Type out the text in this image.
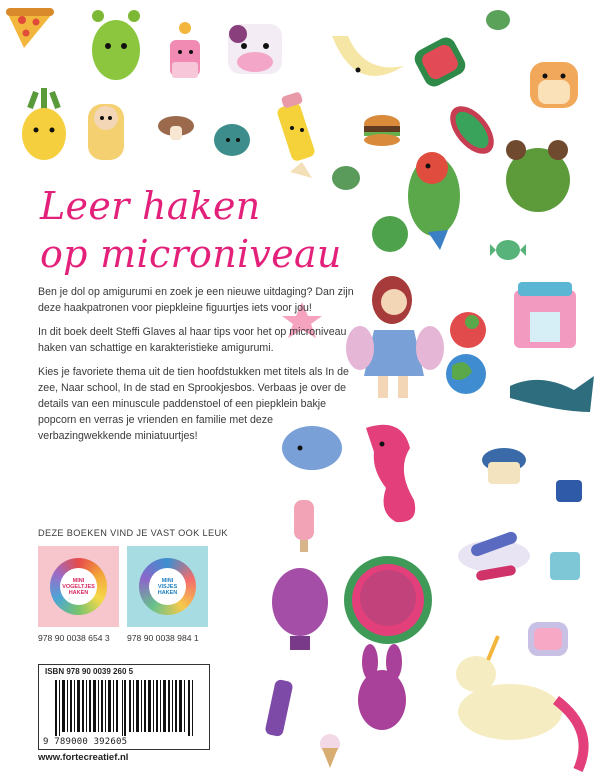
Leer haken
op microniveau

Ben je dol op amigurumi en zoek je een nieuwe uitdaging? Dan zijn deze haakpatronen voor piepkleine figuurtjes iets voor jou!

In dit boek deelt Steffi Glaves al haar tips voor het op microniveau haken van schattige en karakteristieke amigurumi.

Kies je favoriete thema uit de tien hoofdstukken met titels als In de zee, Naar school, In de stad en Sprookjesbos. Verbaas je over de details van een minuscule paddenstoel of een piepklein bakje popcorn en verras je vrienden en familie met deze verbazingwekkende miniatuurtjes!

DEZE BOEKEN VIND JE VAST OOK LEUK
MINI
VOGELTJES
HAKEN
MINI
VISJES
HAKEN
978 90 0038 654 3 978 90 0038 984 1
ISBN 978 90 0039 260 5
9 789000 392605
www.fortecreatief.nl
